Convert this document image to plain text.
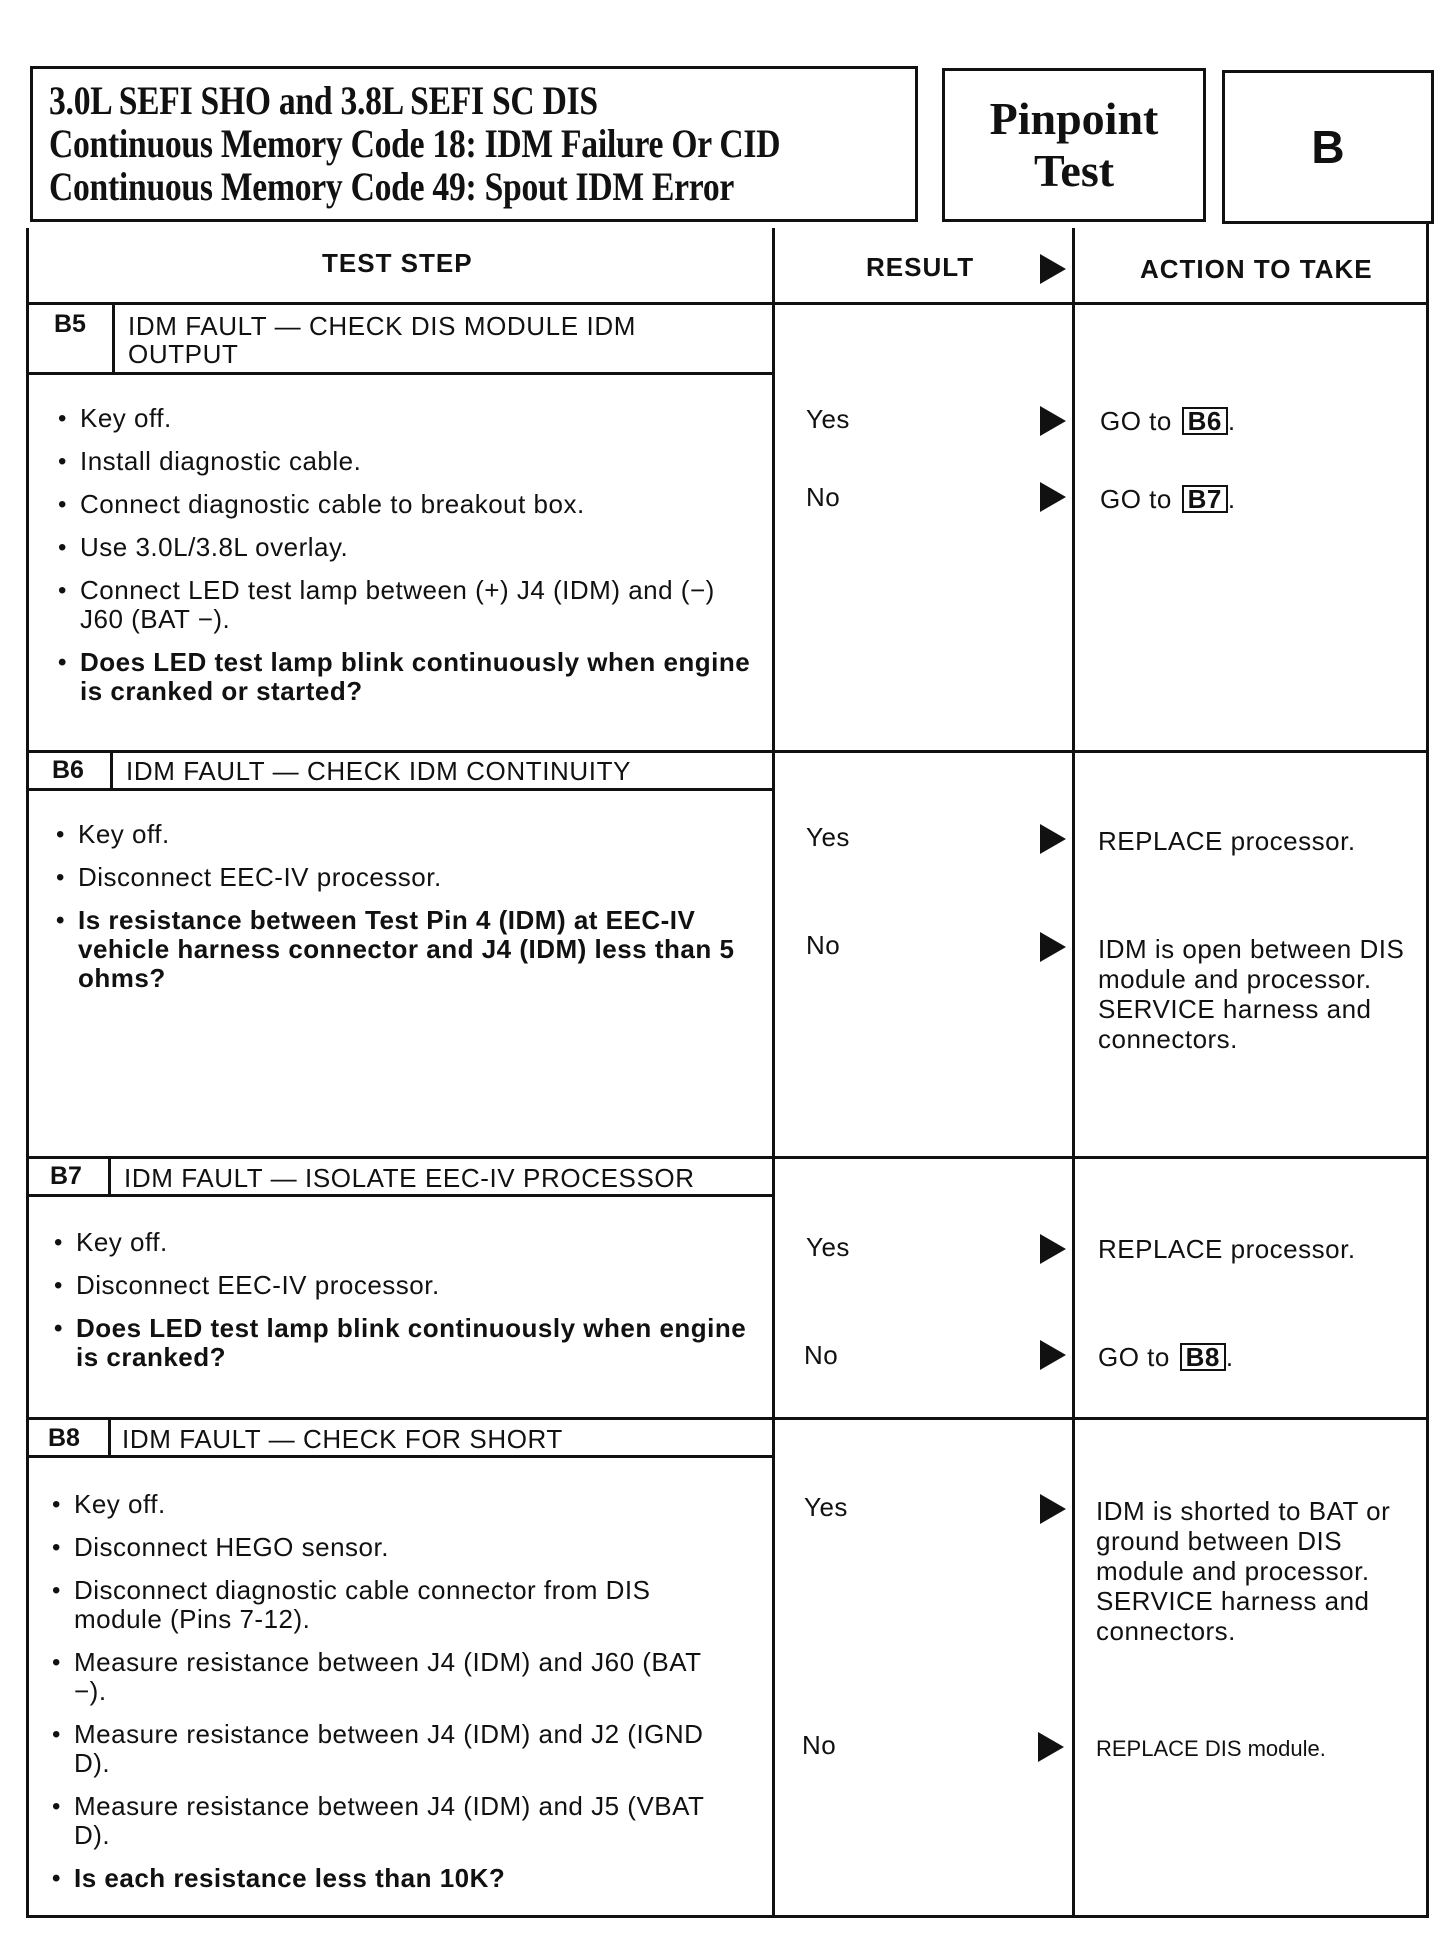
3.0L SEFI SHO and 3.8L SEFI SC DIS
Continuous Memory Code 18: IDM Failure Or CID
Continuous Memory Code 49: Spout IDM Error
Pinpoint
Test	B
TEST STEP	RESULT	ACTION TO TAKE
B5 IDM FAULT — CHECK DIS MODULE IDM
OUTPUT
• Key off.
• Install diagnostic cable.
• Connect diagnostic cable to breakout box.
• Use 3.0L/3.8L overlay.
• Connect LED test lamp between (+) J4 (IDM) and (−) J60 (BAT −).
• Does LED test lamp blink continuously when engine is cranked or started?
Yes	GO to B6 .
No	GO to B7 .
B6 IDM FAULT — CHECK IDM CONTINUITY
• Key off.
• Disconnect EEC-IV processor.
• Is resistance between Test Pin 4 (IDM) at EEC-IV vehicle harness connector and J4 (IDM) less than 5 ohms?
Yes	REPLACE processor.
No	IDM is open between DIS module and processor. SERVICE harness and connectors.
B7 IDM FAULT — ISOLATE EEC-IV PROCESSOR
• Key off.
• Disconnect EEC-IV processor.
• Does LED test lamp blink continuously when engine is cranked?
Yes	REPLACE processor.
No	GO to B8 .
B8 IDM FAULT — CHECK FOR SHORT
• Key off.
• Disconnect HEGO sensor.
• Disconnect diagnostic cable connector from DIS module (Pins 7-12).
• Measure resistance between J4 (IDM) and J60 (BAT −).
• Measure resistance between J4 (IDM) and J2 (IGND D).
• Measure resistance between J4 (IDM) and J5 (VBAT D).
• Is each resistance less than 10K?
Yes	IDM is shorted to BAT or ground between DIS module and processor. SERVICE harness and connectors.
No	REPLACE DIS module.
